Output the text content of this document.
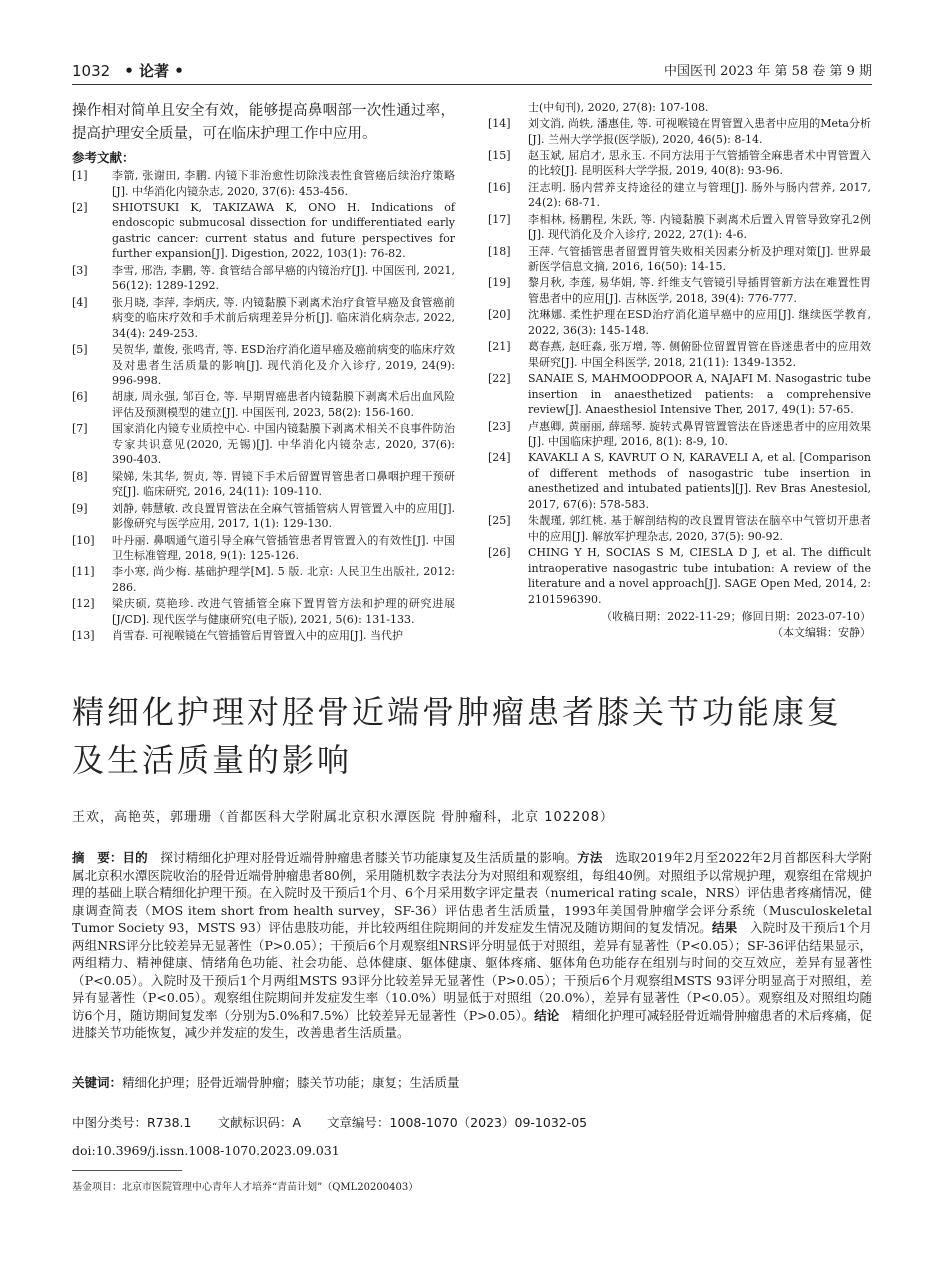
1032 • 论著 •	中国医刊 2023 年 第 58 卷 第 9 期

操作相对简单且安全有效，能够提高鼻咽部一次性通过率，提高护理安全质量，可在临床护理工作中应用。

参考文献：
[1]	李箭, 张谢田, 李鹏. 内镜下非治愈性切除浅表性食管癌后续治疗策略[J]. 中华消化内镜杂志, 2020, 37(6): 453-456.
[2]	SHIOTSUKI K, TAKIZAWA K, ONO H. Indications of endoscopic submucosal dissection for undifferentiated early gastric cancer: current status and future perspectives for further expansion[J]. Digestion, 2022, 103(1): 76-82.
[3]	李雪, 邢浩, 李鹏, 等. 食管结合部早癌的内镜治疗[J]. 中国医刊, 2021, 56(12): 1289-1292.
[4]	张月晓, 李萍, 李炳庆, 等. 内镜黏膜下剥离术治疗食管早癌及食管癌前病变的临床疗效和手术前后病理差异分析[J]. 临床消化病杂志, 2022, 34(4): 249-253.
[5]	吴贺华, 董俊, 张鸣青, 等. ESD治疗消化道早癌及癌前病变的临床疗效及对患者生活质量的影响[J]. 现代消化及介入诊疗, 2019, 24(9): 996-998.
[6]	胡康, 周永强, 邹百仓, 等. 早期胃癌患者内镜黏膜下剥离术后出血风险评估及预测模型的建立[J]. 中国医刊, 2023, 58(2): 156-160.
[7]	国家消化内镜专业质控中心. 中国内镜黏膜下剥离术相关不良事件防治专家共识意见(2020, 无锡)[J]. 中华消化内镜杂志, 2020, 37(6): 390-403.
[8]	梁娣, 朱其华, 贺贞, 等. 胃镜下手术后留置胃管患者口鼻咽护理干预研究[J]. 临床研究, 2016, 24(11): 109-110.
[9]	刘静, 韩慧敏. 改良置胃管法在全麻气管插管病人胃管置入中的应用[J]. 影像研究与医学应用, 2017, 1(1): 129-130.
[10]	叶丹丽. 鼻咽通气道引导全麻气管插管患者胃管置入的有效性[J]. 中国卫生标准管理, 2018, 9(1): 125-126.
[11]	李小寒, 尚少梅. 基础护理学[M]. 5 版. 北京: 人民卫生出版社, 2012: 286.
[12]	梁庆硕, 莫艳珍. 改进气管插管全麻下置胃管方法和护理的研究进展[J/CD]. 现代医学与健康研究(电子版), 2021, 5(6): 131-133.
[13]	肖雪春. 可视喉镜在气管插管后胃管置入中的应用[J]. 当代护
士(中旬刊), 2020, 27(8): 107-108.
[14]	刘文消, 尚轶, 潘惠佳, 等. 可视喉镜在胃管置入患者中应用的Meta分析[J]. 兰州大学学报(医学版), 2020, 46(5): 8-14.
[15]	赵玉斌, 屈启才, 思永玉. 不同方法用于气管插管全麻患者术中胃管置入的比较[J]. 昆明医科大学学报, 2019, 40(8): 93-96.
[16]	汪志明. 肠内营养支持途径的建立与管理[J]. 肠外与肠内营养, 2017, 24(2): 68-71.
[17]	李相林, 杨鹏程, 朱跃, 等. 内镜黏膜下剥离术后置入胃管导致穿孔2例[J]. 现代消化及介入诊疗, 2022, 27(1): 4-6.
[18]	王萍. 气管插管患者留置胃管失败相关因素分析及护理对策[J]. 世界最新医学信息文摘, 2016, 16(50): 14-15.
[19]	黎月秋, 李莲, 易华娟, 等. 纤维支气管镜引导插胃管新方法在难置性胃管患者中的应用[J]. 吉林医学, 2018, 39(4): 776-777.
[20]	沈琳娜. 柔性护理在ESD治疗消化道早癌中的应用[J]. 继续医学教育, 2022, 36(3): 145-148.
[21]	葛春燕, 赵旺淼, 张万增, 等. 侧俯卧位留置胃管在昏迷患者中的应用效果研究[J]. 中国全科医学, 2018, 21(11): 1349-1352.
[22]	SANAIE S, MAHMOODPOOR A, NAJAFI M. Nasogastric tube insertion in anaesthetized patients: a comprehensive review[J]. Anaesthesiol Intensive Ther, 2017, 49(1): 57-65.
[23]	卢惠卿, 黄丽丽, 薛瑶琴. 旋转式鼻胃管置管法在昏迷患者中的应用效果[J]. 中国临床护理, 2016, 8(1): 8-9, 10.
[24]	KAVAKLI A S, KAVRUT O N, KARAVELI A, et al. [Comparison of different methods of nasogastric tube insertion in anesthetized and intubated patients][J]. Rev Bras Anestesiol, 2017, 67(6): 578-583.
[25]	朱靓瑾, 郭红桃. 基于解剖结构的改良置胃管法在脑卒中气管切开患者中的应用[J]. 解放军护理杂志, 2020, 37(5): 90-92.
[26]	CHING Y H, SOCIAS S M, CIESLA D J, et al. The difficult intraoperative nasogastric tube intubation: A review of the literature and a novel approach[J]. SAGE Open Med, 2014, 2: 2101596390.
（收稿日期：2022-11-29；修回日期：2023-07-10）
（本文编辑：安静）
精细化护理对胫骨近端骨肿瘤患者膝关节功能康复
及生活质量的影响
王欢，高艳英，郭珊珊（首都医科大学附属北京积水潭医院 骨肿瘤科，北京 102208）
摘　要：目的　探讨精细化护理对胫骨近端骨肿瘤患者膝关节功能康复及生活质量的影响。方法　选取2019年2月至2022年2月首都医科大学附属北京积水潭医院收治的胫骨近端骨肿瘤患者80例，采用随机数字表法分为对照组和观察组，每组40例。对照组予以常规护理，观察组在常规护理的基础上联合精细化护理干预。在入院时及干预后1个月、6个月采用数字评定量表（numerical rating scale，NRS）评估患者疼痛情况，健康调查简表（MOS item short from health survey，SF-36）评估患者生活质量，1993年美国骨肿瘤学会评分系统（Musculoskeletal Tumor Society 93，MSTS 93）评估患肢功能，并比较两组住院期间的并发症发生情况及随访期间的复发情况。结果　入院时及干预后1个月两组NRS评分比较差异无显著性（P>0.05）；干预后6个月观察组NRS评分明显低于对照组，差异有显著性（P<0.05）；SF-36评估结果显示，两组精力、精神健康、情绪角色功能、社会功能、总体健康、躯体健康、躯体疼痛、躯体角色功能存在组别与时间的交互效应，差异有显著性（P<0.05）。入院时及干预后1个月两组MSTS 93评分比较差异无显著性（P>0.05）；干预后6个月观察组MSTS 93评分明显高于对照组，差异有显著性（P<0.05）。观察组住院期间并发症发生率（10.0%）明显低于对照组（20.0%），差异有显著性（P<0.05）。观察组及对照组均随访6个月，随访期间复发率（分别为5.0%和7.5%）比较差异无显著性（P>0.05）。结论　精细化护理可减轻胫骨近端骨肿瘤患者的术后疼痛，促进膝关节功能恢复，减少并发症的发生，改善患者生活质量。
关键词：精细化护理；胫骨近端骨肿瘤；膝关节功能；康复；生活质量
中图分类号：R738.1 文献标识码：A 文章编号：1008-1070（2023）09-1032-05
doi:10.3969/j.issn.1008-1070.2023.09.031
基金项目：北京市医院管理中心青年人才培养“青苗计划”（QML20200403）
